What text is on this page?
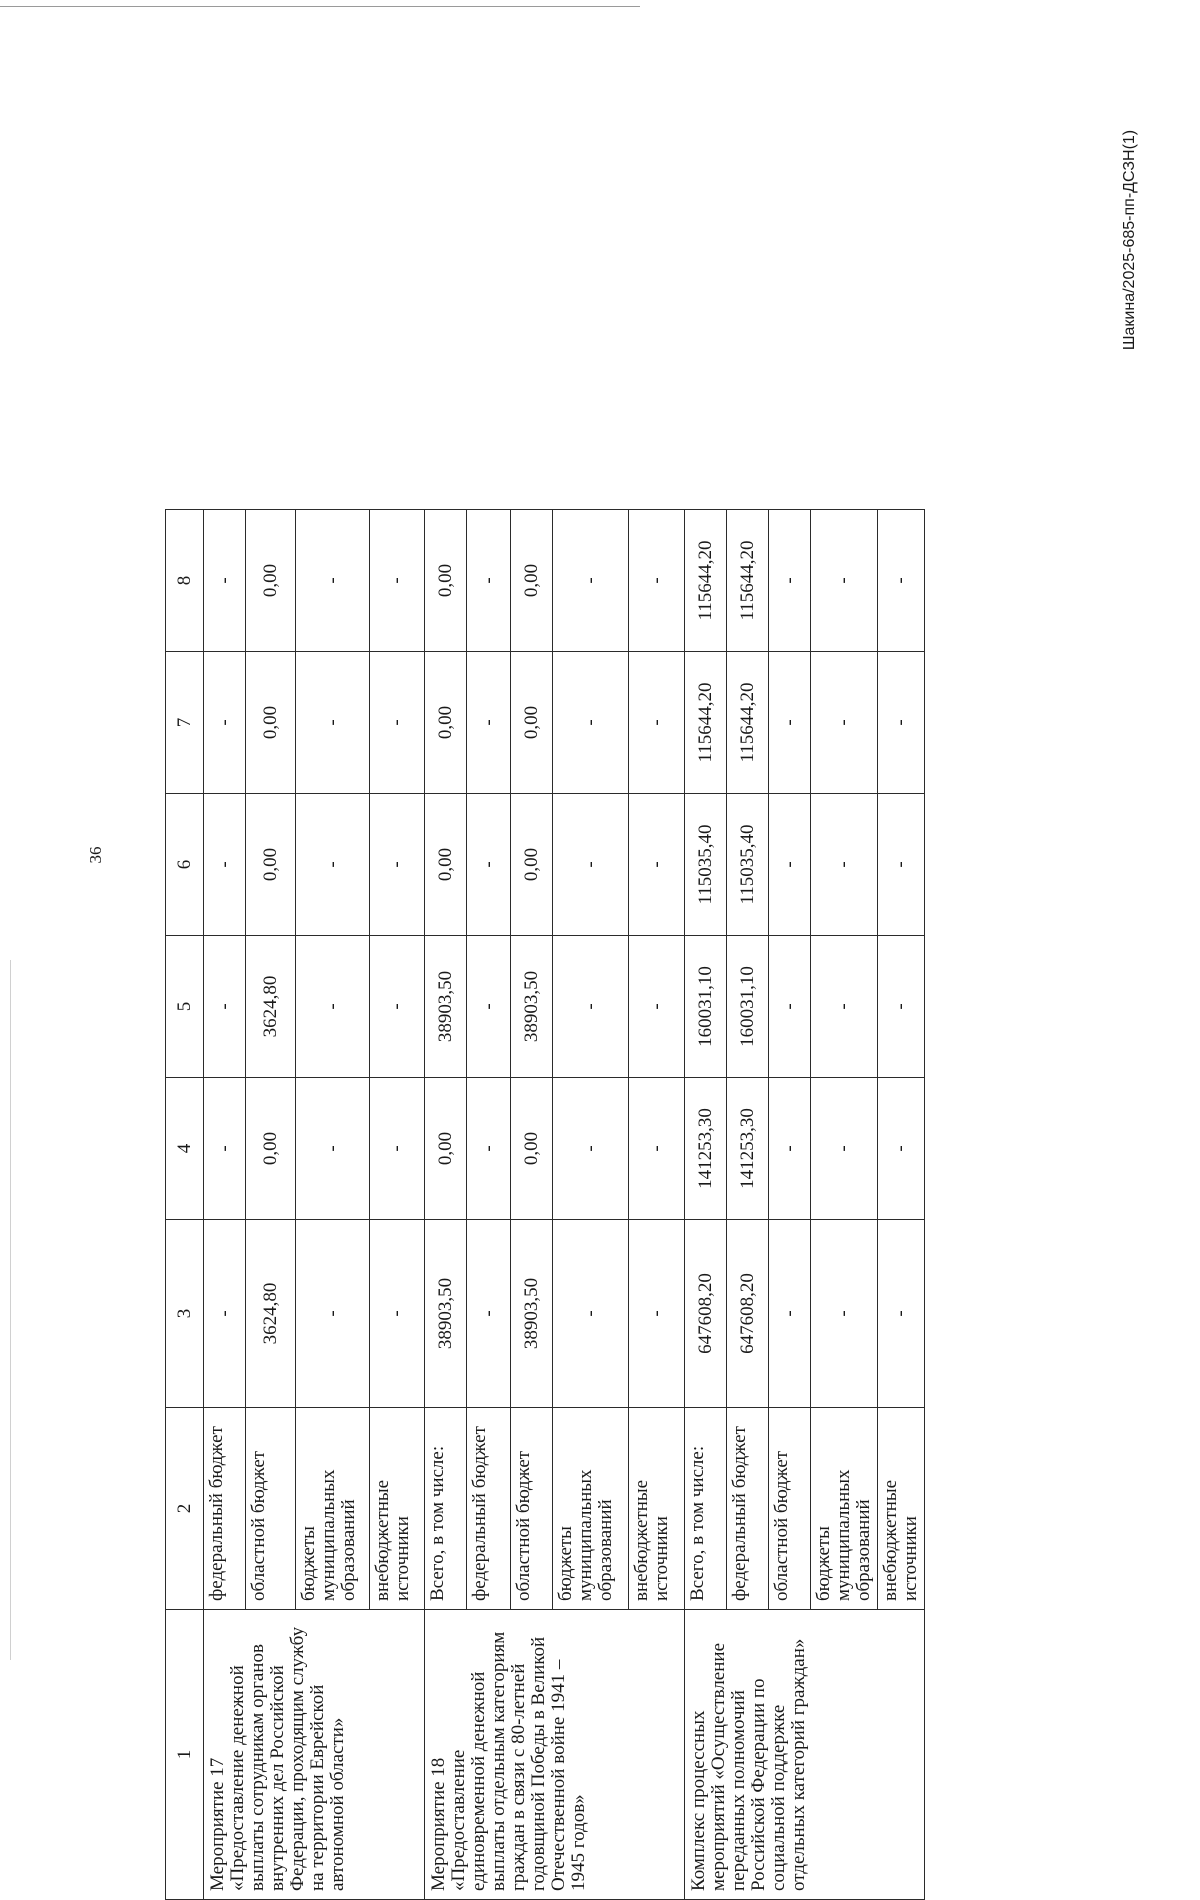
36
Шакина/2025-685-пп-ДСЗН(1)
1	2	3	4	5	6	7	8
Мероприятие 17 «Предоставление денежной выплаты сотрудникам органов внутренних дел Российской Федерации, проходящим службу на территории Еврейской автономной области»	федеральный бюджет	-	-	-	-	-	-
	областной бюджет	3624,80	0,00	3624,80	0,00	0,00	0,00
	бюджеты муниципальных образований	-	-	-	-	-	-
	внебюджетные источники	-	-	-	-	-	-
Мероприятие 18 «Предоставление единовременной денежной выплаты отдельным категориям граждан в связи с 80-летней годовщиной Победы в Великой Отечественной войне 1941 – 1945 годов»	Всего, в том числе:	38903,50	0,00	38903,50	0,00	0,00	0,00
	федеральный бюджет	-	-	-	-	-	-
	областной бюджет	38903,50	0,00	38903,50	0,00	0,00	0,00
	бюджеты муниципальных образований	-	-	-	-	-	-
	внебюджетные источники	-	-	-	-	-	-
Комплекс процессных мероприятий «Осуществление переданных полномочий Российской Федерации по социальной поддержке отдельных категорий граждан»	Всего, в том числе:	647608,20	141253,30	160031,10	115035,40	115644,20	115644,20
	федеральный бюджет	647608,20	141253,30	160031,10	115035,40	115644,20	115644,20
	областной бюджет	-	-	-	-	-	-
	бюджеты муниципальных образований	-	-	-	-	-	-
	внебюджетные источники	-	-	-	-	-	-
